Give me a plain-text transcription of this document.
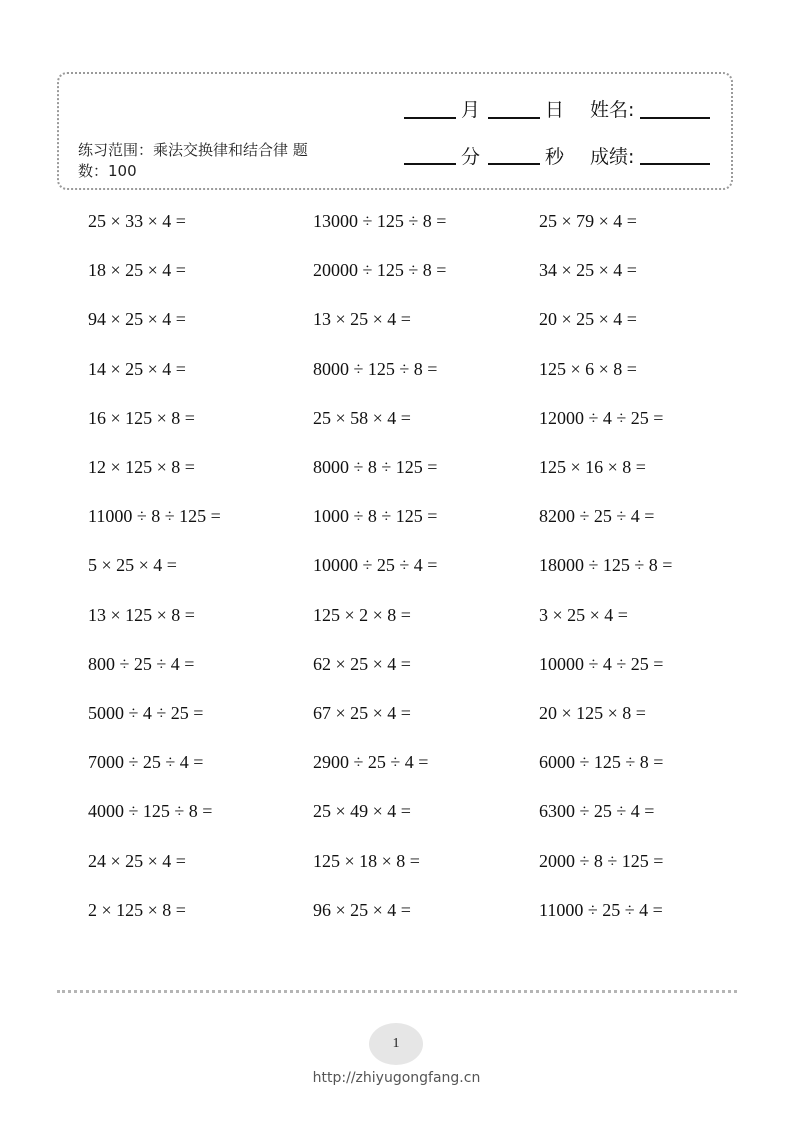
练习范围：乘法交换律和结合律 题数：100
月	日 姓名:
分	秒 成绩:
25 × 33 × 4 =	13000 ÷ 125 ÷ 8 =	25 × 79 × 4 =
18 × 25 × 4 =	20000 ÷ 125 ÷ 8 =	34 × 25 × 4 =
94 × 25 × 4 =	13 × 25 × 4 =	20 × 25 × 4 =
14 × 25 × 4 =	8000 ÷ 125 ÷ 8 =	125 × 6 × 8 =
16 × 125 × 8 =	25 × 58 × 4 =	12000 ÷ 4 ÷ 25 =
12 × 125 × 8 =	8000 ÷ 8 ÷ 125 =	125 × 16 × 8 =
11000 ÷ 8 ÷ 125 =	1000 ÷ 8 ÷ 125 =	8200 ÷ 25 ÷ 4 =
5 × 25 × 4 =	10000 ÷ 25 ÷ 4 =	18000 ÷ 125 ÷ 8 =
13 × 125 × 8 =	125 × 2 × 8 =	3 × 25 × 4 =
800 ÷ 25 ÷ 4 =	62 × 25 × 4 =	10000 ÷ 4 ÷ 25 =
5000 ÷ 4 ÷ 25 =	67 × 25 × 4 =	20 × 125 × 8 =
7000 ÷ 25 ÷ 4 =	2900 ÷ 25 ÷ 4 =	6000 ÷ 125 ÷ 8 =
4000 ÷ 125 ÷ 8 =	25 × 49 × 4 =	6300 ÷ 25 ÷ 4 =
24 × 25 × 4 =	125 × 18 × 8 =	2000 ÷ 8 ÷ 125 =
2 × 125 × 8 =	96 × 25 × 4 =	11000 ÷ 25 ÷ 4 =
1
http://zhiyugongfang.cn
